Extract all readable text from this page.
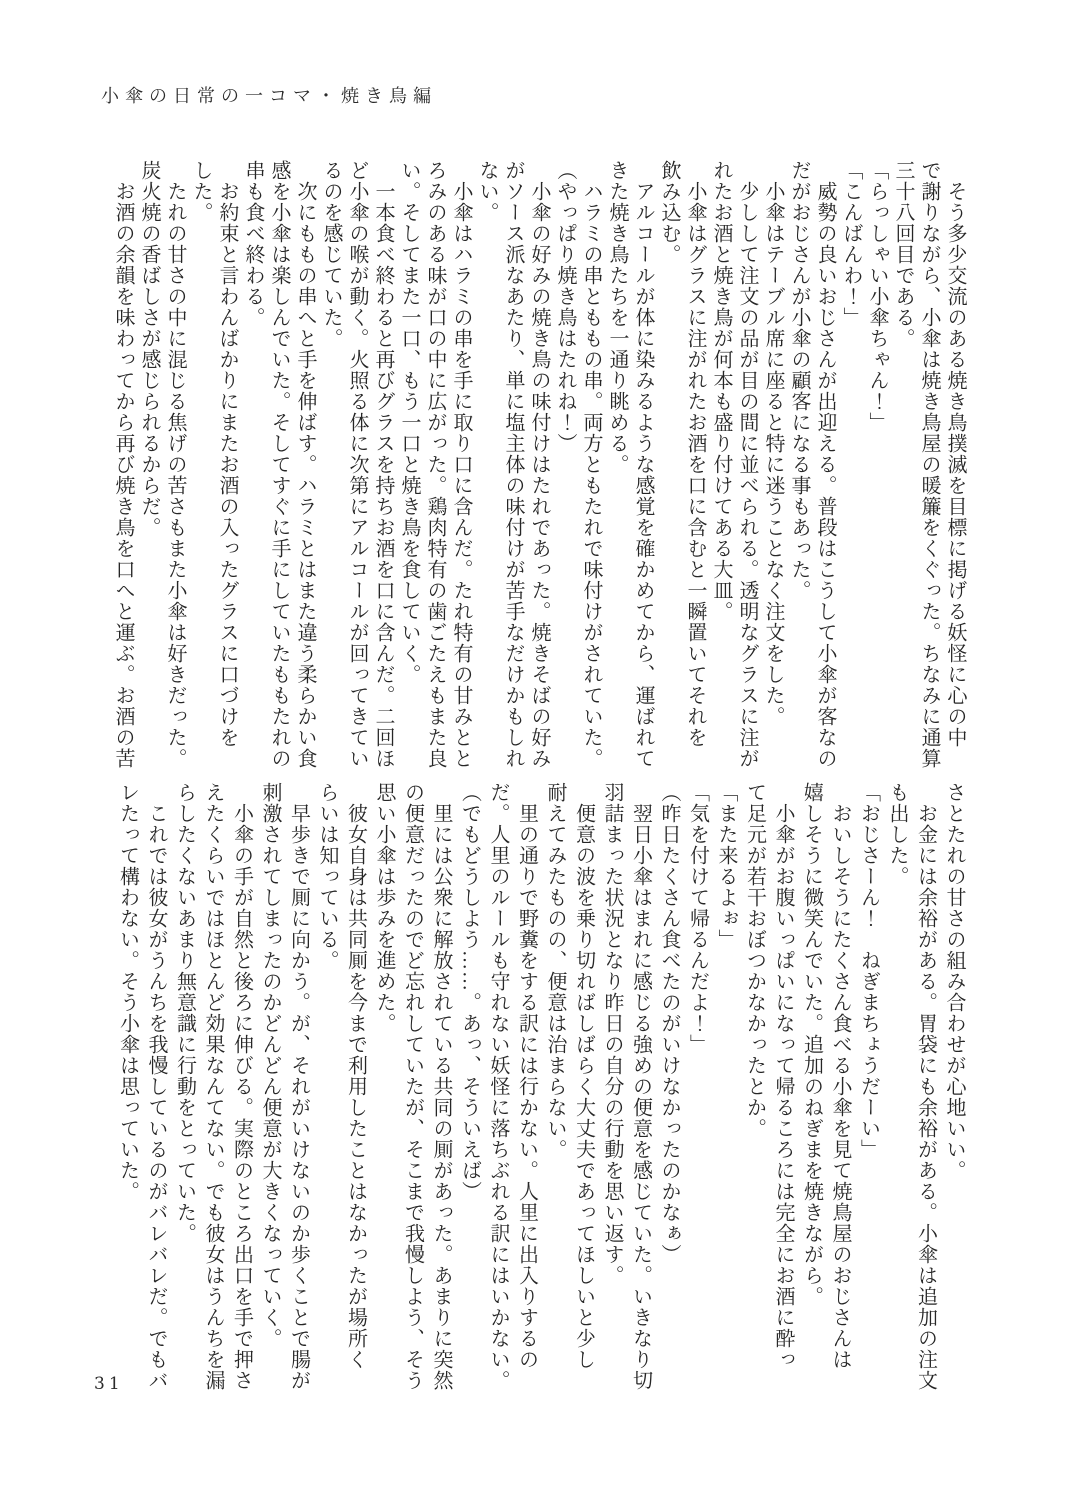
小傘の日常の一コマ・焼き鳥編
　そう多少交流のある焼き鳥撲滅を目標に掲げる妖怪に心の中
で謝りながら、小傘は焼き鳥屋の暖簾をくぐった。ちなみに通算
三十八回目である。
「らっしゃい小傘ちゃん！」
「こんばんわ！」
　威勢の良いおじさんが出迎える。普段はこうして小傘が客なの
だがおじさんが小傘の顧客になる事もあった。
　小傘はテーブル席に座ると特に迷うことなく注文をした。
　少しして注文の品が目の間に並べられる。透明なグラスに注が
れたお酒と焼き鳥が何本も盛り付けてある大皿。
　小傘はグラスに注がれたお酒を口に含むと一瞬置いてそれを
飲み込む。
　アルコールが体に染みるような感覚を確かめてから、運ばれて
きた焼き鳥たちを一通り眺める。
　ハラミの串とももの串。両方ともたれで味付けがされていた。
（やっぱり焼き鳥はたれね！）
　小傘の好みの焼き鳥の味付けはたれであった。焼きそばの好み
がソース派なあたり、単に塩主体の味付けが苦手なだけかもしれ
ない。
　小傘はハラミの串を手に取り口に含んだ。たれ特有の甘みとと
ろみのある味が口の中に広がった。鶏肉特有の歯ごたえもまた良
い。そしてまた一口、もう一口と焼き鳥を食していく。
　一本食べ終わると再びグラスを持ちお酒を口に含んだ。二回ほ
ど小傘の喉が動く。火照る体に次第にアルコールが回ってきてい
るのを感じていた。
　次にももの串へと手を伸ばす。ハラミとはまた違う柔らかい食
感を小傘は楽しんでいた。そしてすぐに手にしていたももたれの
串も食べ終わる。
　お約束と言わんばかりにまたお酒の入ったグラスに口づけを
した。
　たれの甘さの中に混じる焦げの苦さもまた小傘は好きだった。
炭火焼の香ばしさが感じられるからだ。
　お酒の余韻を味わってから再び焼き鳥を口へと運ぶ。お酒の苦
さとたれの甘さの組み合わせが心地いい。
　お金には余裕がある。胃袋にも余裕がある。小傘は追加の注文
も出した。
「おじさーん！　ねぎまちょうだーい」
　おいしそうにたくさん食べる小傘を見て焼鳥屋のおじさんは
嬉しそうに微笑んでいた。追加のねぎまを焼きながら。
　小傘がお腹いっぱいになって帰るころには完全にお酒に酔っ
て足元が若干おぼつかなかったとか。
「また来るよぉ」
「気を付けて帰るんだよ！」
（昨日たくさん食べたのがいけなかったのかなぁ）
　翌日小傘はまれに感じる強めの便意を感じていた。いきなり切
羽詰まった状況となり昨日の自分の行動を思い返す。
　便意の波を乗り切ればしばらく大丈夫であってほしいと少し
耐えてみたものの、便意は治まらない。
　里の通りで野糞をする訳には行かない。人里に出入りするの
だ。人里のルールも守れない妖怪に落ちぶれる訳にはいかない。
（でもどうしよう……。あっ、そういえば）
　里には公衆に解放されている共同の厠があった。あまりに突然
の便意だったのでど忘れしていたが、そこまで我慢しよう、そう
思い小傘は歩みを進めた。
　彼女自身は共同厠を今まで利用したことはなかったが場所く
らいは知っている。
　早歩きで厠に向かう。が、それがいけないのか歩くことで腸が
刺激されてしまったのかどんどん便意が大きくなっていく。
　小傘の手が自然と後ろに伸びる。実際のところ出口を手で押さ
えたくらいではほとんど効果なんてない。でも彼女はうんちを漏
らしたくないあまり無意識に行動をとっていた。
　これでは彼女がうんちを我慢しているのがバレバレだ。でもバ
レたって構わない。そう小傘は思っていた。
31
